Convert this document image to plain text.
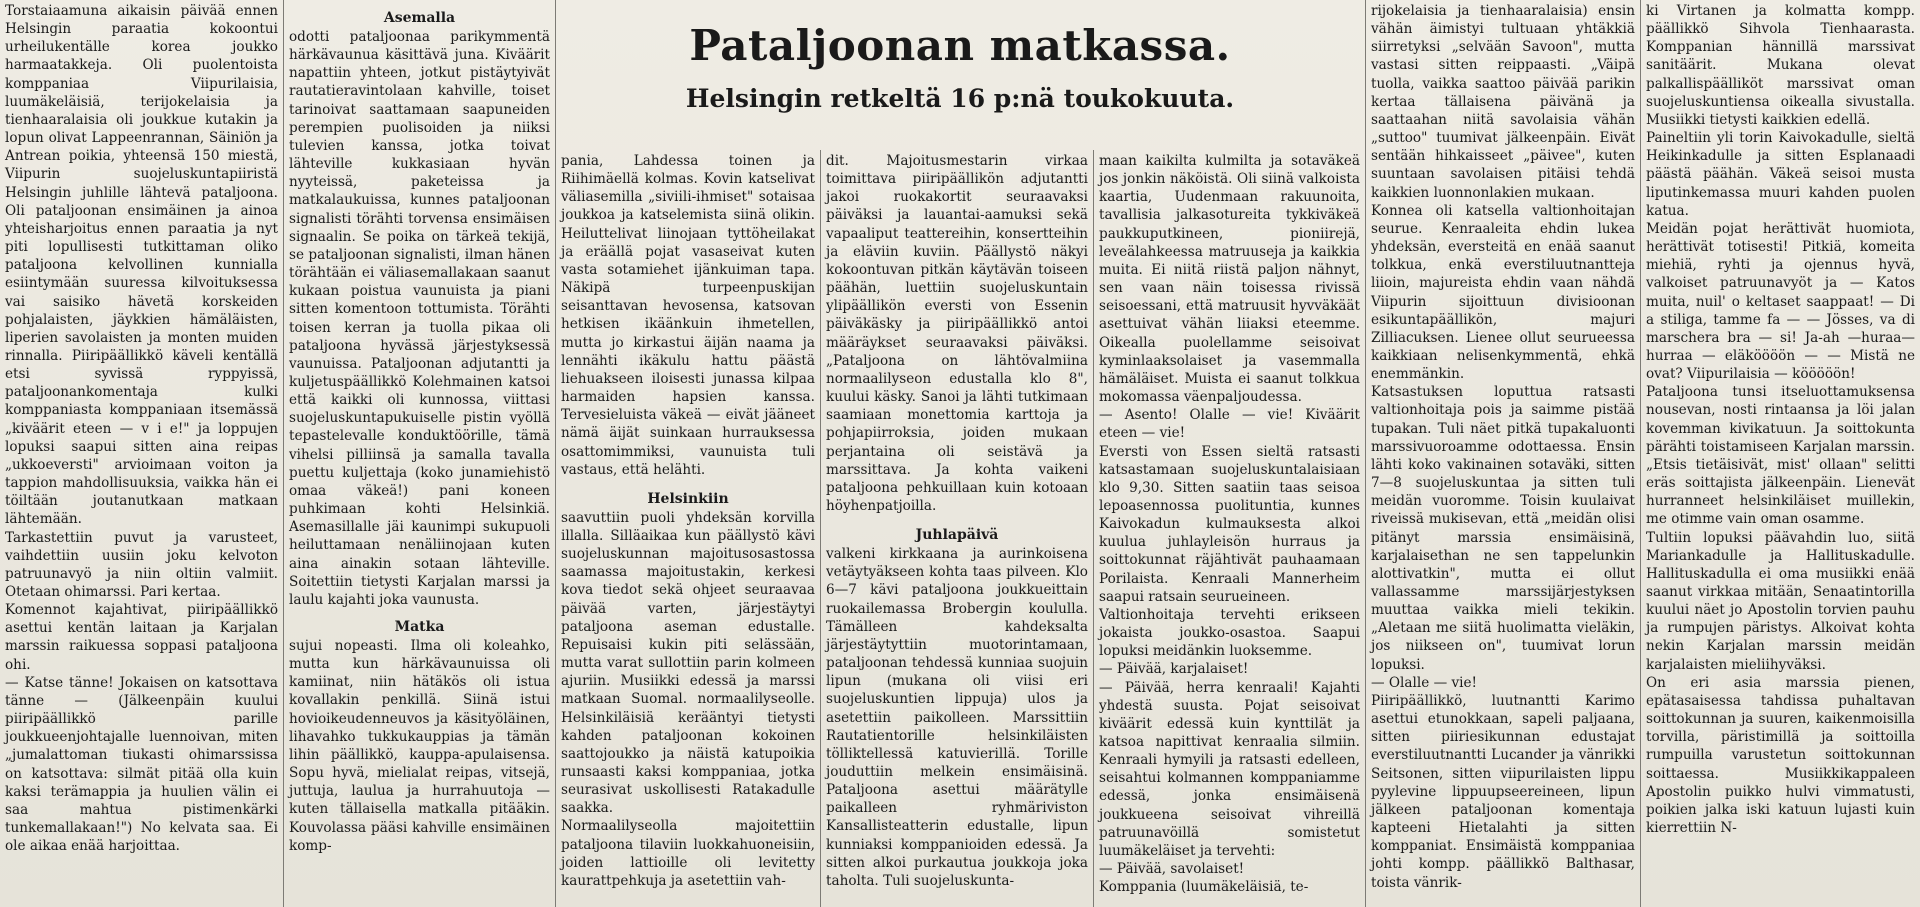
Pataljoonan matkassa.
Helsingin retkeltä 16 p:nä toukokuuta.

Torstaiaamuna aikaisin päivää ennen Helsingin paraatia kokoontui urheilukentälle korea joukko harmaatakkeja. Oli puolentoista komppaniaa Viipurilaisia, luumäkeläisiä, terijokelaisia ja tienhaaralaisia oli joukkue kutakin ja lopun olivat Lappeenrannan, Säiniön ja Antrean poikia, yhteensä 150 miestä, Viipurin suojeluskuntapiiristä Helsingin juhlille lähtevä pataljoona. Oli pataljoonan ensimäinen ja ainoa yhteisharjoitus ennen paraatia ja nyt piti lopullisesti tutkittaman oliko pataljoona kelvollinen kunnialla esiintymään suuressa kilvoituksessa vai saisiko hävetä korskeiden pohjalaisten, jäykkien hämäläisten, liperien savolaisten ja monten muiden rinnalla. Piiripäällikkö käveli kentällä etsi syvissä ryppyissä, pataljoonankomentaja kulki komppaniasta komppaniaan itsemässä „kiväärit eteen — v i e!" ja loppujen lopuksi saapui sitten aina reipas „ukkoeversti" arvioimaan voiton ja tappion mahdollisuuksia, vaikka hän ei töiltään joutanutkaan matkaan lähtemään.

Tarkastettiin puvut ja varusteet, vaihdettiin uusiin joku kelvoton patruunavyö ja niin oltiin valmiit. Otetaan ohimarssi. Pari kertaa.

Komennot kajahtivat, piiripäällikkö asettui kentän laitaan ja Karjalan marssin raikuessa soppasi pataljoona ohi.

— Katse tänne! Jokaisen on katsottava tänne — (Jälkeenpäin kuului piiripäällikkö parille joukkueenjohtajalle luennoivan, miten „jumalattoman tiukasti ohimarssissa on katsottava: silmät pitää olla kuin kaksi terämappia ja huulien välin ei saa mahtua pistimenkärki tunkemallakaan!") No kelvata saa. Ei ole aikaa enää harjoittaa.

Asemalla

odotti pataljoonaa parikymmentä härkävaunua käsittävä juna. Kiväärit napattiin yhteen, jotkut pistäytyivät rautatieravintolaan kahville, toiset tarinoivat saattamaan saapuneiden perempien puolisoiden ja niiksi tulevien kanssa, jotka toivat lähteville kukkasiaan hyvän nyyteissä, paketeissa ja matkalaukuissa, kunnes pataljoonan signalisti törähti torvensa ensimäisen signaalin. Se poika on tärkeä tekijä, se pataljoonan signalisti, ilman hänen törähtään ei väliasemallakaan saanut kukaan poistua vaunuista ja piani sitten komentoon tottumista. Törähti toisen kerran ja tuolla pikaa oli pataljoona hyvässä järjestyksessä vaunuissa. Pataljoonan adjutantti ja kuljetuspäällikkö Kolehmainen katsoi että kaikki oli kunnossa, viittasi suojeluskuntapukuiselle pistin vyöllä tepastelevalle konduktöörille, tämä vihelsi pilliinsä ja samalla tavalla puettu kuljettaja (koko junamiehistö omaa väkeä!) pani koneen puhkimaan kohti Helsinkiä. Asemasillalle jäi kaunimpi sukupuoli heiluttamaan nenäliinojaan kuten aina ainakin sotaan lähteville. Soitettiin tietysti Karjalan marssi ja laulu kajahti joka vaunusta.

Matka

sujui nopeasti. Ilma oli koleahko, mutta kun härkävaunuissa oli kamiinat, niin hätäkös oli istua kovallakin penkillä. Siinä istui hovioikeudenneuvos ja käsityöläinen, lihavahko tukkukauppias ja tämän lihin päällikkö, kauppa-apulaisensa. Sopu hyvä, mielialat reipas, vitsejä, juttuja, laulua ja hurrahuutoja — kuten tällaisella matkalla pitääkin. Kouvolassa pääsi kahville ensimäinen komp-

pania, Lahdessa toinen ja Riihimäellä kolmas. Kovin katselivat väliasemilla „siviili-ihmiset" sotaisaa joukkoa ja katselemista siinä olikin. Heiluttelivat liinojaan tyttöheilakat ja eräällä pojat vasaseivat kuten vasta sotamiehet ijänkuiman tapa. Näkipä turpeenpuskijan seisanttavan hevosensa, katsovan hetkisen ikäänkuin ihmetellen, mutta jo kirkastui äijän naama ja lennähti ikäkulu hattu päästä liehuakseen iloisesti junassa kilpaa harmaiden hapsien kanssa. Tervesieluista väkeä — eivät jääneet nämä äijät suinkaan hurrauksessa osattomimmiksi, vaunuista tuli vastaus, että helähti.

Helsinkiin

saavuttiin puoli yhdeksän korvilla illalla. Silläaikaa kun päällystö kävi suojeluskunnan majoitusosastossa saamassa majoitustakin, kerkesi kova tiedot sekä ohjeet seuraavaa päivää varten, järjestäytyi pataljoona aseman edustalle. Repuisaisi kukin piti selässään, mutta varat sullottiin parin kolmeen ajuriin. Musiikki edessä ja marssi matkaan Suomal. normaalilyseolle. Helsinkiläisiä kerääntyi tietysti kahden pataljoonan kokoinen saattojoukko ja näistä katupoikia runsaasti kaksi komppaniaa, jotka seurasivat uskollisesti Ratakadulle saakka.

Normaalilyseolla majoitettiin pataljoona tilaviin luokkahuoneisiin, joiden lattioille oli levitetty kaurattpehkuja ja asetettiin vah-

dit. Majoitusmestarin virkaa toimittava piiripäällikön adjutantti jakoi ruokakortit seuraavaksi päiväksi ja lauantai-aamuksi sekä vapaaliput teattereihin, konsertteihin ja eläviin kuviin. Päällystö näkyi kokoontuvan pitkän käytävän toiseen päähän, luettiin suojeluskuntain ylipäällikön eversti von Essenin päiväkäsky ja piiripäällikkö antoi määräykset seuraavaksi päiväksi. „Pataljoona on lähtövalmiina normaalilyseon edustalla klo 8", kuului käsky. Sanoi ja lähti tutkimaan saamiaan monettomia karttoja ja pohjapiirroksia, joiden mukaan perjantaina oli seistävä ja marssittava. Ja kohta vaikeni pataljoona pehkuillaan kuin kotoaan höyhenpatjoilla.

Juhlapäivä

valkeni kirkkaana ja aurinkoisena vetäytyäkseen kohta taas pilveen. Klo 6—7 kävi pataljoona joukkueittain ruokailemassa Brobergin koululla. Tämälleen kahdeksalta järjestäytyttiin muotorintamaan, pataljoonan tehdessä kunniaa suojuin lipun (mukana oli viisi eri suojeluskuntien lippuja) ulos ja asetettiin paikolleen. Marssittiin Rautatientorille helsinkiläisten tölliktellessä katuvierillä. Torille jouduttiin melkein ensimäisinä. Pataljoona asettui määrätylle paikalleen ryhmäriviston Kansallisteatterin edustalle, lipun kunniaksi komppanioiden edessä. Ja sitten alkoi purkautua joukkoja joka taholta. Tuli suojeluskunta-

maan kaikilta kulmilta ja sotaväkeä jos jonkin näköistä. Oli siinä valkoista kaartia, Uudenmaan rakuunoita, tavallisia jalkasotureita tykkiväkeä paukkuputkineen, pioniirejä, leveälahkeessa matruuseja ja kaikkia muita. Ei niitä riistä paljon nähnyt, sen vaan näin toisessa rivissä seisoessani, että matruusit hyvväkäät asettuivat vähän liiaksi eteemme. Oikealla puolellamme seisoivat kyminlaaksolaiset ja vasemmalla hämäläiset. Muista ei saanut tolkkua mokomassa väenpaljoudessa.

— Asento! Olalle — vie! Kiväärit eteen — vie!

Eversti von Essen sieltä ratsasti katsastamaan suojeluskuntalaisiaan klo 9,30. Sitten saatiin taas seisoa lepoasennossa puolituntia, kunnes Kaivokadun kulmauksesta alkoi kuulua juhlayleisön hurraus ja soittokunnat räjähtivät pauhaamaan Porilaista. Kenraali Mannerheim saapui ratsain seurueineen.

Valtionhoitaja tervehti erikseen jokaista joukko-osastoa. Saapui lopuksi meidänkin luoksemme.

— Päivää, karjalaiset!

— Päivää, herra kenraali! Kajahti yhdestä suusta. Pojat seisoivat kiväärit edessä kuin kynttilät ja katsoa napittivat kenraalia silmiin. Kenraali hymyili ja ratsasti edelleen, seisahtui kolmannen komppaniamme edessä, jonka ensimäisenä joukkueena seisoivat vihreillä patruunavöillä somistetut luumäkeläiset ja tervehti:

— Päivää, savolaiset!

Komppania (luumäkeläisiä, te-

rijokelaisia ja tienhaaralaisia) ensin vähän äimistyi tultuaan yhtäkkiä siirretyksi „selvään Savoon", mutta vastasi sitten reippaasti. „Väipä tuolla, vaikka saattoo päivää parikin kertaa tällaisena päivänä ja saattaahan niitä savolaisia vähän „suttoo" tuumivat jälkeenpäin. Eivät sentään hihkaisseet „päivee", kuten suuntaan savolaisen pitäisi tehdä kaikkien luonnonlakien mukaan.

Konnea oli katsella valtionhoitajan seurue. Kenraaleita ehdin lukea yhdeksän, eversteitä en enää saanut tolkkua, enkä everstiluutnantteja liioin, majureista ehdin vaan nähdä Viipurin sijoittuun divisioonan esikuntapäällikön, majuri Zilliacuksen. Lienee ollut seurueessa kaikkiaan nelisenkymmentä, ehkä enemmänkin.

Katsastuksen loputtua ratsasti valtionhoitaja pois ja saimme pistää tupakan. Tuli näet pitkä tupakaluonti marssivuoroamme odottaessa. Ensin lähti koko vakinainen sotaväki, sitten 7—8 suojeluskuntaa ja sitten tuli meidän vuoromme. Toisin kuulaivat riveissä mukisevan, että „meidän olisi pitänyt marssia ensimäisinä, karjalaisethan ne sen tappelunkin alottivatkin", mutta ei ollut vallassamme marssijärjestyksen muuttaa vaikka mieli tekikin. „Aletaan me siitä huolimatta vieläkin, jos niikseen on", tuumivat lorun lopuksi.

— Olalle — vie!

Piiripäällikkö, luutnantti Karimo asettui etunokkaan, sapeli paljaana, sitten piiriesikunnan edustajat everstiluutnantti Lucander ja vänrikki Seitsonen, sitten viipurilaisten lippu pyylevine lippuupseereineen, lipun jälkeen pataljoonan komentaja kapteeni Hietalahti ja sitten komppaniat. Ensimäistä komppaniaa johti kompp. päällikkö Balthasar, toista vänrik-

ki Virtanen ja kolmatta kompp. päällikkö Sihvola Tienhaarasta. Komppanian hännillä marssivat sanitäärit. Mukana olevat palkallispäälliköt marssivat oman suojeluskuntiensa oikealla sivustalla. Musiikki tietysti kaikkien edellä.

Paineltiin yli torin Kaivokadulle, sieltä Heikinkadulle ja sitten Esplanaadi päästä päähän. Väkeä seisoi musta liputinkemassa muuri kahden puolen katua.

Meidän pojat herättivät huomiota, herättivät totisesti! Pitkiä, komeita miehiä, ryhti ja ojennus hyvä, valkoiset patruunavyöt ja — Katos muita, nuil' o keltaset saappaat! — Di a stiliga, tamme fa — — Jösses, va di marschera bra — si! Ja-ah —huraa— hurraa — eläköööön — — Mistä ne ovat? Viipurilaisia — kööööön!

Pataljoona tunsi itseluottamuksensa nousevan, nosti rintaansa ja löi jalan kovemman kivikatuun. Ja soittokunta pärähti toistamiseen Karjalan marssin. „Etsis tietäisivät, mist' ollaan" selitti eräs soittajista jälkeenpäin. Lienevät hurranneet helsinkiläiset muillekin, me otimme vain oman osamme.

Tultiin lopuksi päävahdin luo, siitä Mariankadulle ja Hallituskadulle. Hallituskadulla ei oma musiikki enää saanut virkkaa mitään, Senaatintorilla kuului näet jo Apostolin torvien pauhu ja rumpujen päristys. Alkoivat kohta nekin Karjalan marssin meidän karjalaisten mieliihyväksi.

On eri asia marssia pienen, epätasaisessa tahdissa puhaltavan soittokunnan ja suuren, kaikenmoisilla torvilla, päristimillä ja soittoilla rumpuilla varustetun soittokunnan soittaessa. Musiikkikappaleen Apostolin puikko hulvi vimmatusti, poikien jalka iski katuun lujasti kuin kierrettiin N-
